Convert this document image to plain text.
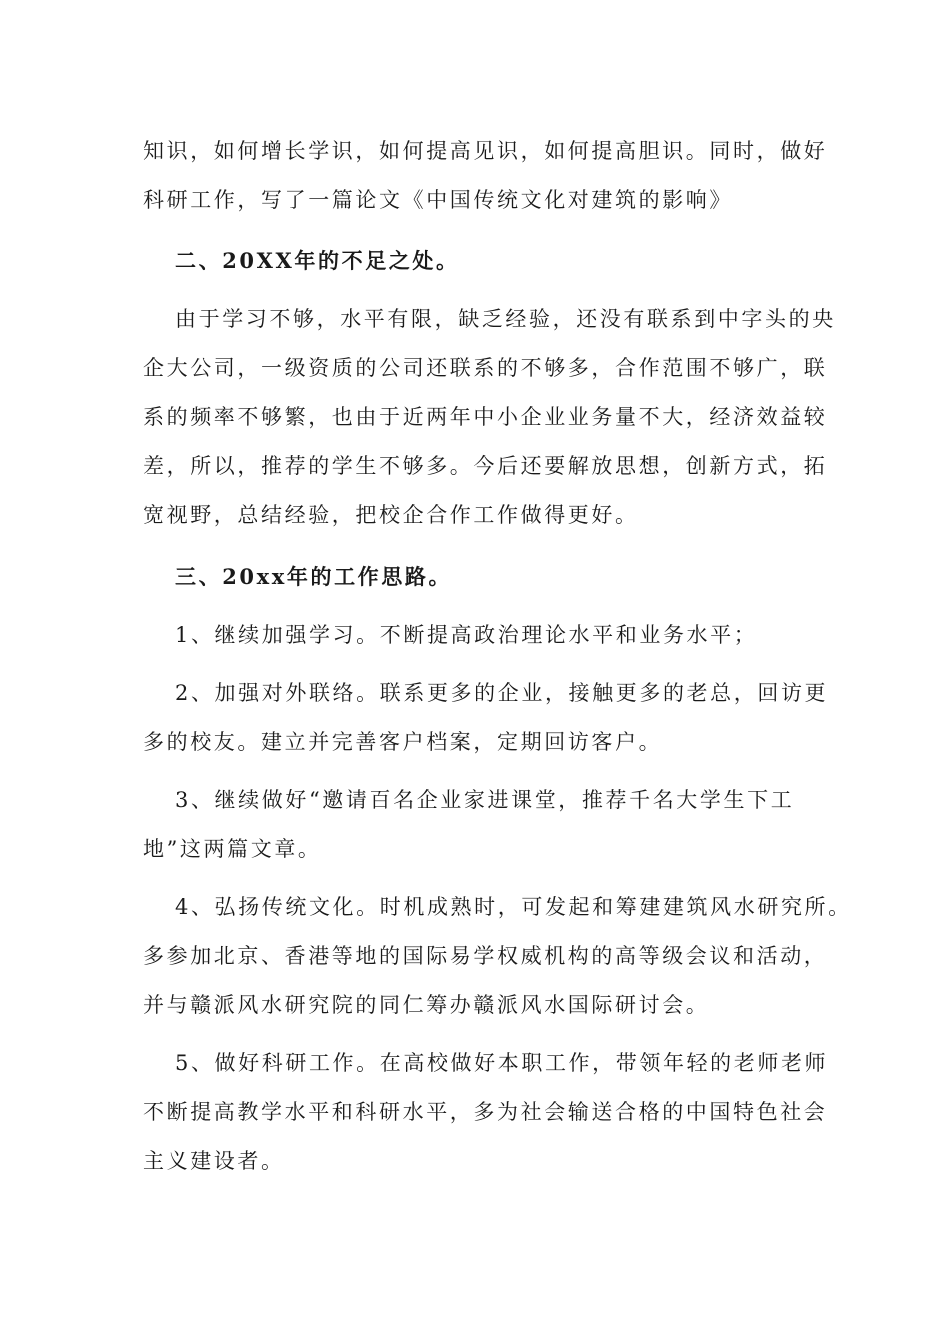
知识，如何增长学识，如何提高见识，如何提高胆识。同时，做好
科研工作，写了一篇论文《中国传统文化对建筑的影响》
二、20XX年的不足之处。
由于学习不够，水平有限，缺乏经验，还没有联系到中字头的央
企大公司，一级资质的公司还联系的不够多，合作范围不够广，联
系的频率不够繁，也由于近两年中小企业业务量不大，经济效益较
差，所以，推荐的学生不够多。今后还要解放思想，创新方式，拓
宽视野，总结经验，把校企合作工作做得更好。
三、20xx年的工作思路。
1、继续加强学习。不断提高政治理论水平和业务水平；
2、加强对外联络。联系更多的企业，接触更多的老总，回访更
多的校友。建立并完善客户档案，定期回访客户。
3、继续做好“邀请百名企业家进课堂，推荐千名大学生下工
地”这两篇文章。
4、弘扬传统文化。时机成熟时，可发起和筹建建筑风水研究所。
多参加北京、香港等地的国际易学权威机构的高等级会议和活动，
并与赣派风水研究院的同仁筹办赣派风水国际研讨会。
5、做好科研工作。在高校做好本职工作，带领年轻的老师老师
不断提高教学水平和科研水平，多为社会输送合格的中国特色社会
主义建设者。
